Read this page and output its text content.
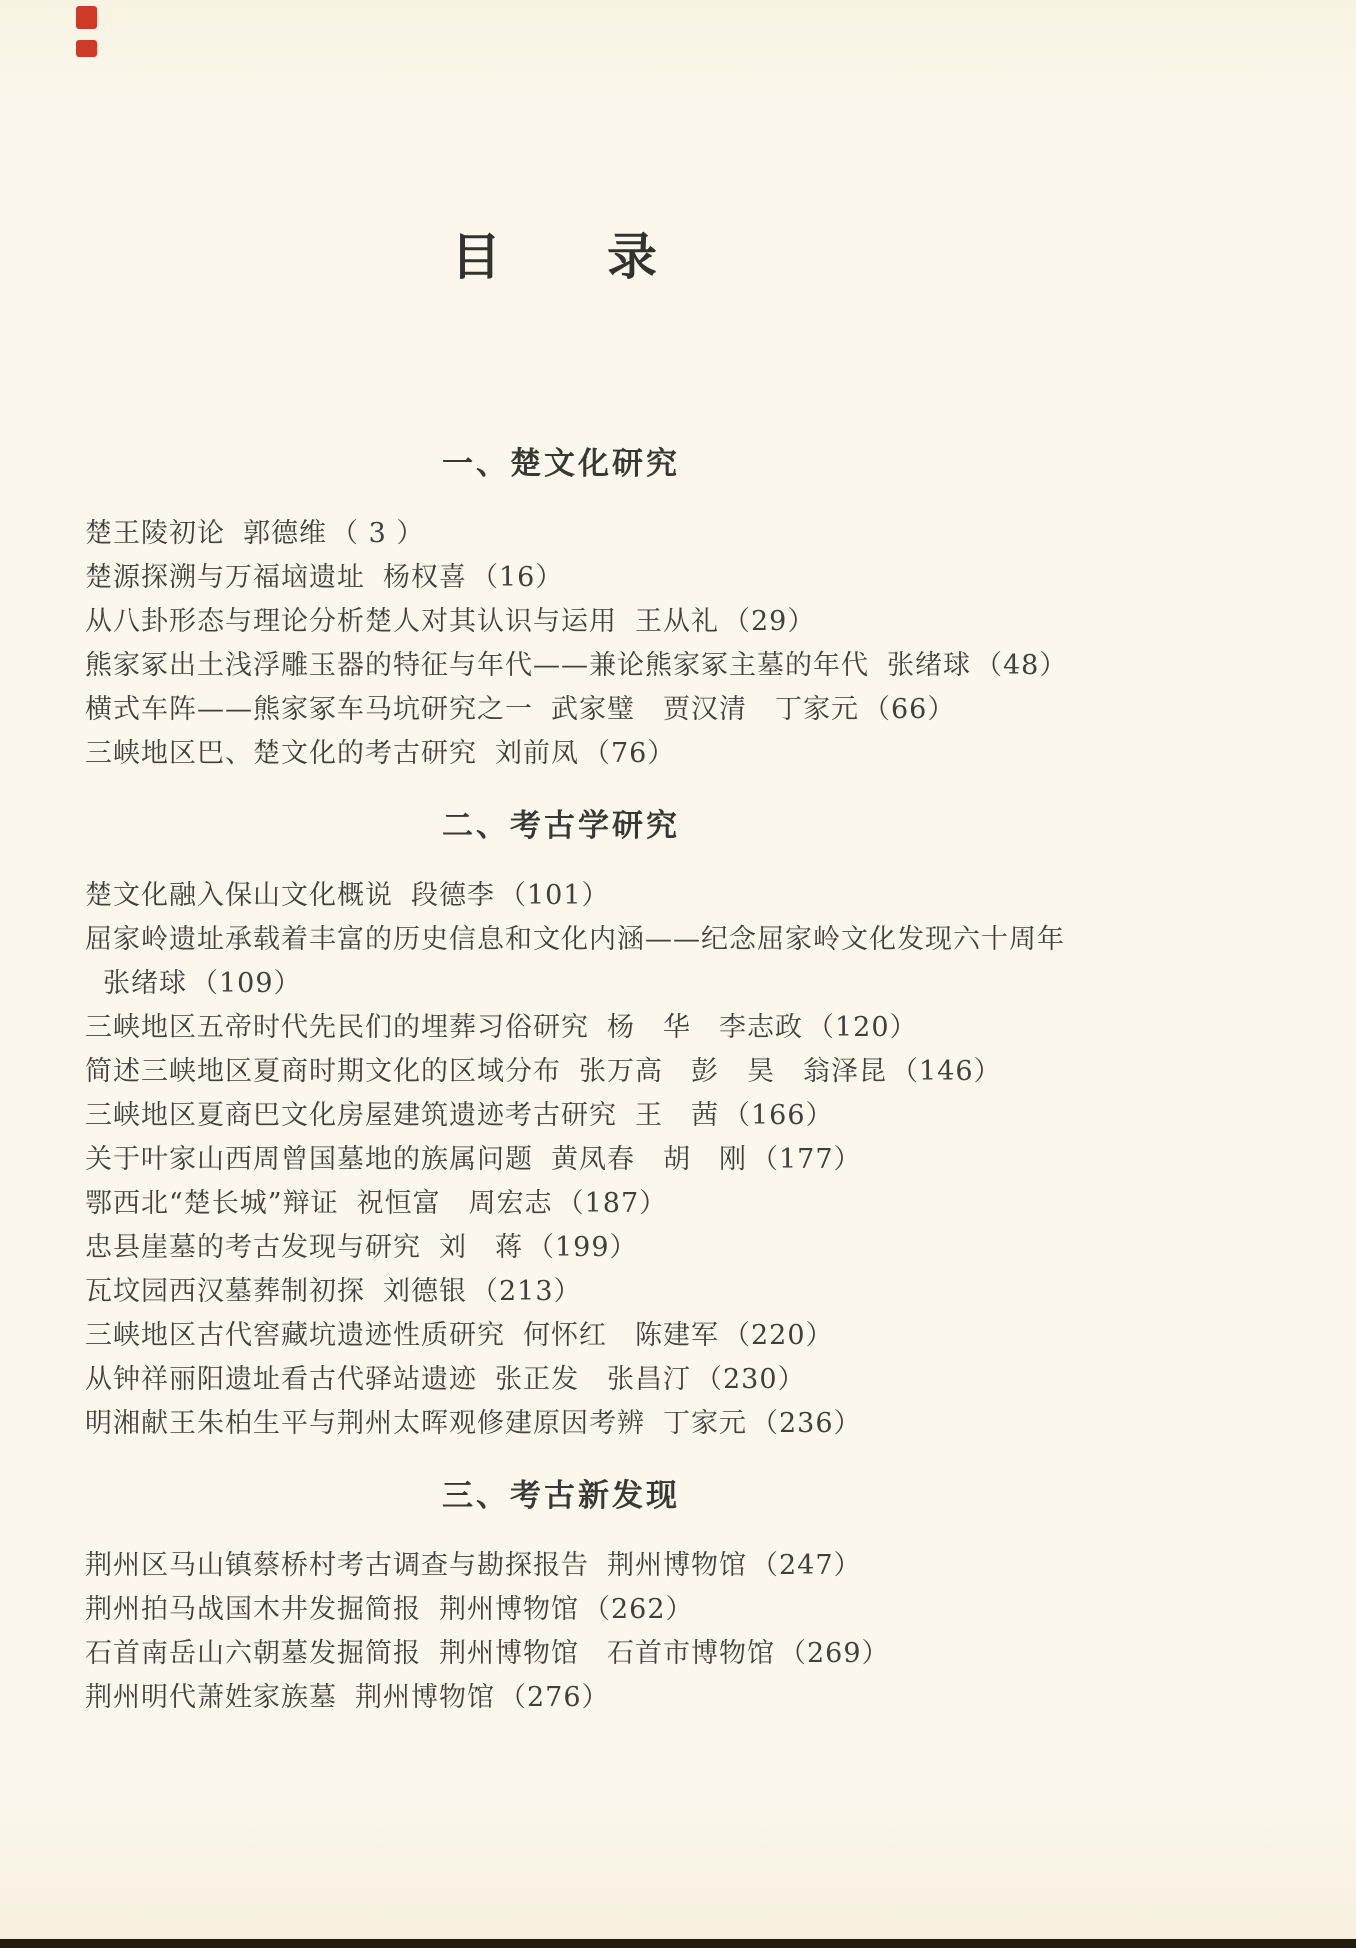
目　　录
一、楚文化研究
楚王陵初论 郭德维 （ 3 ）
楚源探溯与万福垴遗址 杨权喜 （16）
从八卦形态与理论分析楚人对其认识与运用 王从礼 （29）
熊家冢出土浅浮雕玉器的特征与年代——兼论熊家冢主墓的年代 张绪球 （48）
横式车阵——熊家冢车马坑研究之一 武家璧　贾汉清　丁家元 （66）
三峡地区巴、楚文化的考古研究 刘前凤 （76）
二、考古学研究
楚文化融入保山文化概说 段德李 （101）
屈家岭遗址承载着丰富的历史信息和文化内涵——纪念屈家岭文化发现六十周年
张绪球 （109）
三峡地区五帝时代先民们的埋葬习俗研究 杨　华　李志政 （120）
简述三峡地区夏商时期文化的区域分布 张万高　彭　昊　翁泽昆 （146）
三峡地区夏商巴文化房屋建筑遗迹考古研究 王　茜 （166）
关于叶家山西周曾国墓地的族属问题 黄凤春　胡　刚 （177）
鄂西北“楚长城”辩证 祝恒富　周宏志 （187）
忠县崖墓的考古发现与研究 刘　蒋 （199）
瓦坟园西汉墓葬制初探 刘德银 （213）
三峡地区古代窖藏坑遗迹性质研究 何怀红　陈建军 （220）
从钟祥丽阳遗址看古代驿站遗迹 张正发　张昌汀 （230）
明湘献王朱柏生平与荆州太晖观修建原因考辨 丁家元 （236）
三、考古新发现
荆州区马山镇蔡桥村考古调查与勘探报告 荆州博物馆 （247）
荆州拍马战国木井发掘简报 荆州博物馆 （262）
石首南岳山六朝墓发掘简报 荆州博物馆　石首市博物馆 （269）
荆州明代萧姓家族墓 荆州博物馆 （276）
